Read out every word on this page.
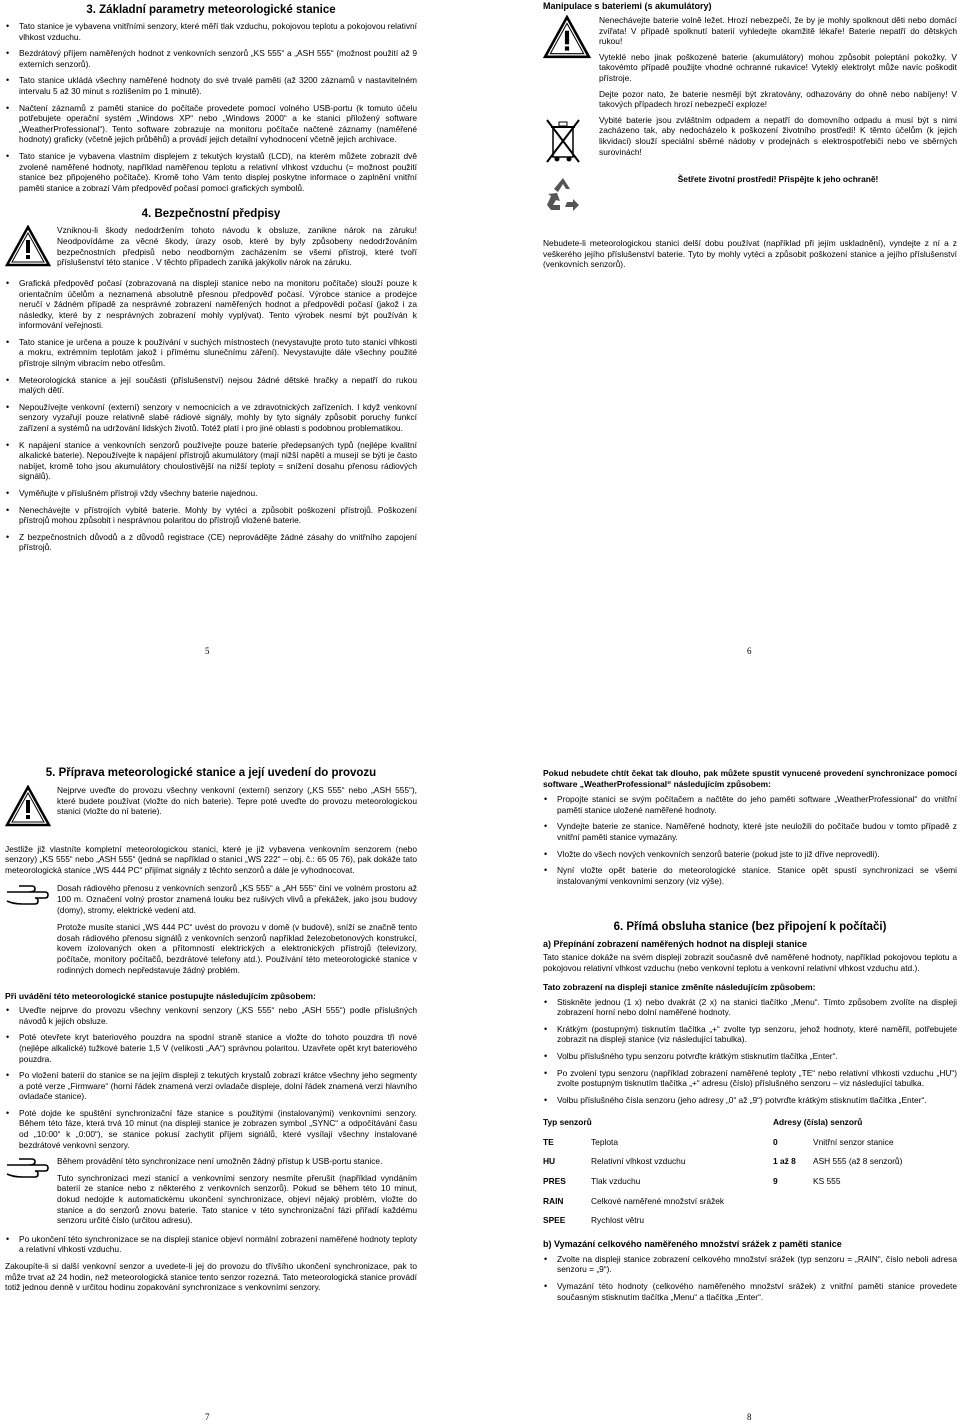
3. Základní parametry meteorologické stanice
• Tato stanice je vybavena vnitřními senzory, které měří tlak vzduchu, pokojovou teplotu a pokojovou relativní vlhkost vzduchu.
• Bezdrátový příjem naměřených hodnot z venkovních senzorů „KS 555“ a „ASH 555“ (možnost použití až 9 externích senzorů).
• Tato stanice ukládá všechny naměřené hodnoty do své trvalé paměti (až 3200 záznamů v nastavitelném intervalu 5 až 30 minut s rozlišením po 1 minutě).
• Načtení záznamů z paměti stanice do počítače provedete pomocí volného USB-portu (k tomuto účelu potřebujete operační systém „Windows XP“ nebo „Windows 2000“ a ke stanici přiložený software „WeatherProfessional“). Tento software zobrazuje na monitoru počítače načtené záznamy (naměřené hodnoty) graficky (včetně jejich průběhů) a provádí jejich detailní vyhodnocení včetně jejich archivace.
• Tato stanice je vybavena vlastním displejem z tekutých krystalů (LCD), na kterém můžete zobrazit dvě zvolené naměřené hodnoty, například naměřenou teplotu a relativní vlhkost vzduchu (= možnost použití stanice bez připojeného počítače). Kromě toho Vám tento displej poskytne informace o zaplnění vnitřní paměti stanice a zobrazí Vám předpověď počasí pomocí grafických symbolů.
4. Bezpečnostní předpisy

Vzniknou-li škody nedodržením tohoto návodu k obsluze, zanikne nárok na záruku! Neodpovídáme za věcné škody, úrazy osob, které by byly způsobeny nedodržováním bezpečnostních předpisů nebo neodborným zacházením se všemi přístroji, které tvoří příslušenství této stanice . V těchto případech zaniká jakýkoliv nárok na záruku.

• Grafická předpověď počasí (zobrazovaná na displeji stanice nebo na monitoru počítače) slouží pouze k orientačním účelům a neznamená absolutně přesnou předpověď počasí. Výrobce stanice a prodejce neručí v žádném případě za nesprávné zobrazení naměřených hodnot a předpovědi počasí (jakož i za následky, které by z nesprávných zobrazení mohly vyplývat). Tento výrobek nesmí být používán k informování veřejnosti.
• Tato stanice je určena a pouze k používání v suchých místnostech (nevystavujte proto tuto stanici vlhkosti a mokru, extrémním teplotám jakož i přímému slunečnímu záření). Nevystavujte dále všechny použité přístroje silným vibracím nebo otřesům.
• Meteorologická stanice a její součásti (příslušenství) nejsou žádné dětské hračky a nepatří do rukou malých dětí.
• Nepoužívejte venkovní (externí) senzory v nemocnicích a ve zdravotnických zařízeních. I když venkovní senzory vyzařují pouze relativně slabé rádiové signály, mohly by tyto signály způsobit poruchy funkcí zařízení a systémů na udržování lidských životů. Totéž platí i pro jiné oblasti s podobnou problematikou.
• K napájení stanice a venkovních senzorů používejte pouze baterie předepsaných typů (nejlépe kvalitní alkalické baterie). Nepoužívejte k napájení přístrojů akumulátory (mají nižší napětí a musejí se býti je často nabíjet, kromě toho jsou akumulátory choulostivější na nižší teploty = snížení dosahu přenosu rádiových signálů).
• Vyměňujte v příslušném přístroji vždy všechny baterie najednou.
• Nenechávejte v přístrojích vybité baterie. Mohly by vytéci a způsobit poškození přístrojů. Poškození přístrojů mohou způsobit i nesprávnou polaritou do přístrojů vložené baterie.
• Z bezpečnostních důvodů a z důvodů registrace (CE) neprovádějte žádné zásahy do vnitřního zapojení přístrojů.
5
Manipulace s bateriemi (s akumulátory)

Nenechávejte baterie volně ležet. Hrozí nebezpečí, že by je mohly spolknout děti nebo domácí zvířata! V případě spolknutí baterií vyhledejte okamžitě lékaře! Baterie nepatří do dětských rukou!

Vyteklé nebo jinak poškozené baterie (akumulátory) mohou způsobit poleptání pokožky. V takovémto případě použijte vhodné ochranné rukavice! Vyteklý elektrolyt může navíc poškodit přístroje.

Dejte pozor nato, že baterie nesmějí být zkratovány, odhazovány do ohně nebo nabíjeny! V takových případech hrozí nebezpečí exploze!

Vybité baterie jsou zvláštním odpadem a nepatří do domovního odpadu a musí být s nimi zacházeno tak, aby nedocházelo k poškození životního prostředí! K těmto účelům (k jejich likvidaci) slouží speciální sběrné nádoby v prodejnách s elektrospotřebiči nebo ve sběrných surovinách!

Šetřete životní prostředí! Přispějte k jeho ochraně!

Nebudete-li meteorologickou stanici delší dobu používat (například při jejím uskladnění), vyndejte z ní a z veškerého jejího příslušenství baterie. Tyto by mohly vytéci a způsobit poškození stanice a jejího příslušenství (venkovních senzorů).

6
5. Příprava meteorologické stanice a její uvedení do provozu

Nejprve uveďte do provozu všechny venkovní (externí) senzory („KS 555“ nebo „ASH 555“), které budete používat (vložte do nich baterie). Tepre poté uveďte do provozu meteorologickou stanici (vložte do ní baterie).

Jestliže již vlastníte kompletní meteorologickou stanici, které je již vybavena venkovním senzorem (nebo senzory) „KS 555“ nebo „ASH 555“ (jedná se například o stanici „WS 222“ – obj. č.: 65 05 76), pak dokáže tato meteorologická stanice „WS 444 PC“ přijímat signály z těchto senzorů a dále je vyhodnocovat.

Dosah rádiového přenosu z venkovních senzorů „KS 555“ a „AH 555“ činí ve volném prostoru až 100 m. Označení volný prostor znamená louku bez rušivých vlivů a překážek, jako jsou budovy (domy), stromy, elektrické vedení atd.

Protože musíte stanici „WS 444 PC“ uvést do provozu v domě (v budově), sníží se značně tento dosah rádiového přenosu signálů z venkovních senzorů například železobetonových konstrukcí, kovem izolovaných oken a přítomností elektrických a elektronických přístrojů (televizory, počítače, monitory počítačů, bezdrátové telefony atd.). Používání této meteorologické stanice v rodinných domech nepředstavuje žádný problém.

Při uvádění této meteorologické stanice postupujte následujícím způsobem:
• Uveďte nejprve do provozu všechny venkovní senzory („KS 555“ nebo „ASH 555“) podle příslušných návodů k jejich obsluze.
• Poté otevřete kryt bateriového pouzdra na spodní straně stanice a vložte do tohoto pouzdra tři nové (nejlépe alkalické) tužkové baterie 1,5 V (velikosti „AA“) správnou polaritou. Uzavřete opět kryt bateriového pouzdra.
• Po vložení baterií do stanice se na jejím displeji z tekutých krystalů zobrazí krátce všechny jeho segmenty a poté verze „Firmware“ (horní řádek znamená verzi ovladače displeje, dolní řádek znamená verzi hlavního ovladače stanice).
• Poté dojde ke spuštění synchronizační fáze stanice s použitými (instalovanými) venkovními senzory. Během této fáze, která trvá 10 minut (na displeji stanice je zobrazen symbol „SYNC“ a odpočítávání času od „10:00“ k „0:00“), se stanice pokusí zachytit příjem signálů, které vysílají všechny instalované bezdrátové venkovní senzory.

Během provádění této synchronizace není umožněn žádný přístup k USB-portu stanice.

Tuto synchronizaci mezi stanicí a venkovními senzory nesmíte přerušit (například vyndáním baterií ze stanice nebo z některého z venkovních senzorů). Pokud se během této 10 minut, dokud nedojde k automatickému ukončení synchronizace, objeví nějaký problém, vložte do stanice a do senzorů znovu baterie. Tato stanice v této synchronizační fázi přiřadí každému senzoru určité číslo (určitou adresu).

• Po ukončení této synchronizace se na displeji stanice objeví normální zobrazení naměřené hodnoty teploty a relativní vlhkosti vzduchu.

Zakoupíte-li si další venkovní senzor a uvedete-li jej do provozu do třívšího ukončení synchronizace, pak to může trvat až 24 hodin, než meteorologická stanice tento senzor rozezná. Tato meteorologická stanice provádí totiž jednou denně v určitou hodinu zopakování synchronizace s venkovními senzory.

7

Pokud nebudete chtít čekat tak dlouho, pak můžete spustit vynucené provedení synchronizace pomocí software „WeatherProfessional“ následujícím způsobem:

• Propojte stanici se svým počítačem a načtěte do jeho paměti software „WeatherProfessional“ do vnitřní paměti stanice uložené naměřené hodnoty.
• Vyndejte baterie ze stanice. Naměřené hodnoty, které jste neuložili do počítače budou v tomto případě z vnitřní paměti stanice vymazány.
• Vložte do všech nových venkovních senzorů baterie (pokud jste to již dříve neprovedli).
• Nyní vložte opět baterie do meteorologické stanice. Stanice opět spustí synchronizaci se všemi instalovanými venkovními senzory (viz výše).
6. Přímá obsluha stanice (bez připojení k počítači)
a) Přepínání zobrazení naměřených hodnot na displeji stanice

Tato stanice dokáže na svém displeji zobrazit současně dvě naměřené hodnoty, například pokojovou teplotu a pokojovou relativní vlhkost vzduchu (nebo venkovní teplotu a venkovní relativní vlhkost vzduchu atd.).

Tato zobrazení na displeji stanice změníte následujícím způsobem:
• Stiskněte jednou (1 x) nebo dvakrát (2 x) na stanici tlačítko „Menu“. Tímto způsobem zvolíte na displeji zobrazení horní nebo dolní naměřené hodnoty.
• Krátkým (postupným) tisknutím tlačítka „+“ zvolte typ senzoru, jehož hodnoty, které naměřil, potřebujete zobrazit na displeji stanice (viz následující tabulka).
• Volbu příslušného typu senzoru potvrďte krátkým stisknutím tlačítka „Enter“.
• Po zvolení typu senzoru (například zobrazení naměřené teploty „TE“ nebo relativní vlhkosti vzduchu „HU“) zvolte postupným tisknutím tlačítka „+“ adresu (číslo) příslušného senzoru – viz následující tabulka.
• Volbu příslušného čísla senzoru (jeho adresy „0“ až „9“) potvrďte krátkým stisknutím tlačítka „Enter“.
Typ senzorů		Adresy (čísla) senzorů	
TE	Teplota	0	Vnitřní senzor stanice
HU	Relativní vlhkost vzduchu	1 až 8	ASH 555 (až 8 senzorů)
PRES	Tlak vzduchu	9	KS 555
RAIN	Celkové naměřené množství srážek		
SPEE	Rychlost větru		
b) Vymazání celkového naměřeného množství srážek z paměti stanice
• Zvolte na displeji stanice zobrazení celkového množství srážek (typ senzoru = „RAIN“, číslo neboli adresa senzoru = „9“).
• Vymazání této hodnoty (celkového naměřeného množství srážek) z vnitřní paměti stanice provedete současným stisknutím tlačítka „Menu“ a tlačítka „Enter“.
8
